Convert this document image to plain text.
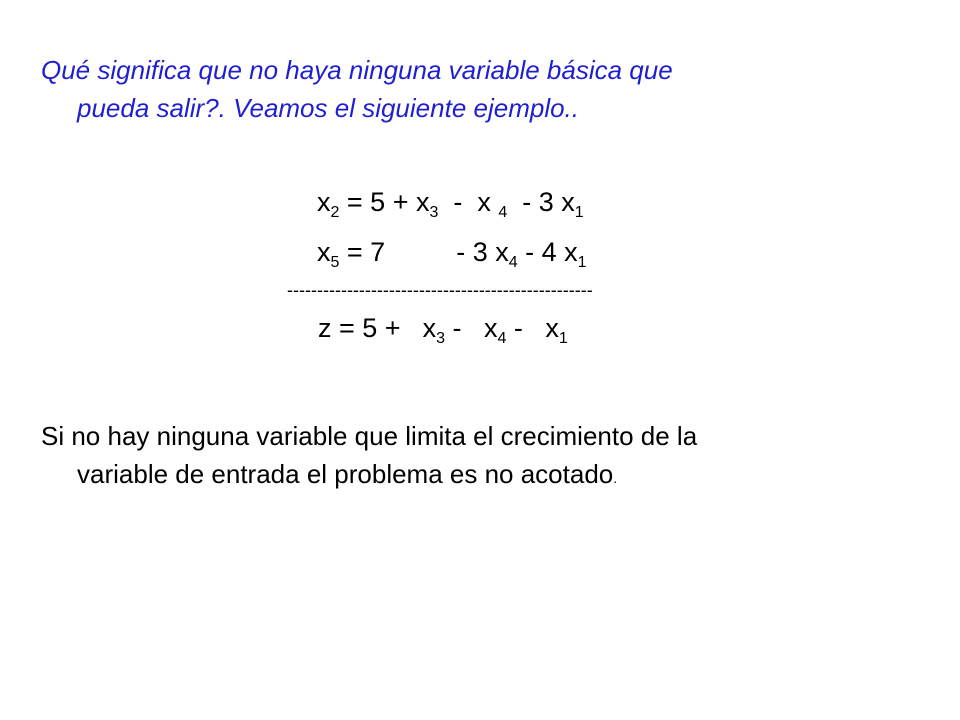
Qué significa que no haya ninguna variable básica que
pueda salir?. Veamos el siguiente ejemplo..
$x_2 = 5 + x_3 - x$ $_4$  - 3 $x_1$
$x_5 = 7$	- 3 $x_4 - 4$ $x_1$
---------------------------------------------------
$z = 5 + x_3 - x_4 - x_1$
Si no hay ninguna variable que limita el crecimiento de la
variable de entrada el problema es no acotado.
